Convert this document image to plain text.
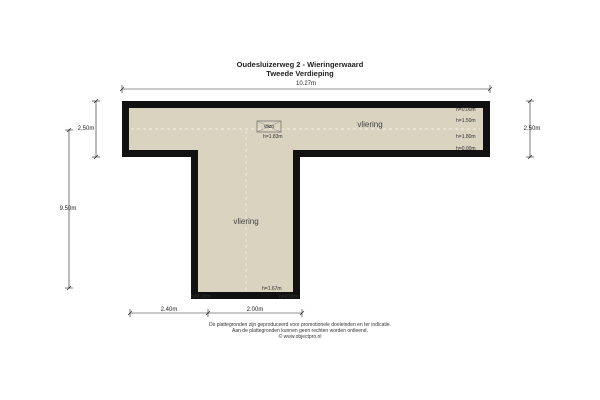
Oudesluizerweg 2 - Wieringerwaard
Tweede Verdieping
vlizo	vliering
vliering
h=0.00m
h=1.50m
h=1.80m
h=0.00m
h=1.83m
h=1.67m
h=0.00m	h=0.00m
10.27m
2.50m	2.50m
9.50m
2.40m	2.00m
De plattegronden zijn geproduceerd voor promotionele doeleinden en ter indicatie.
Aan de plattegronden kunnen geen rechten worden ontleend.
© www.objectpro.nl
